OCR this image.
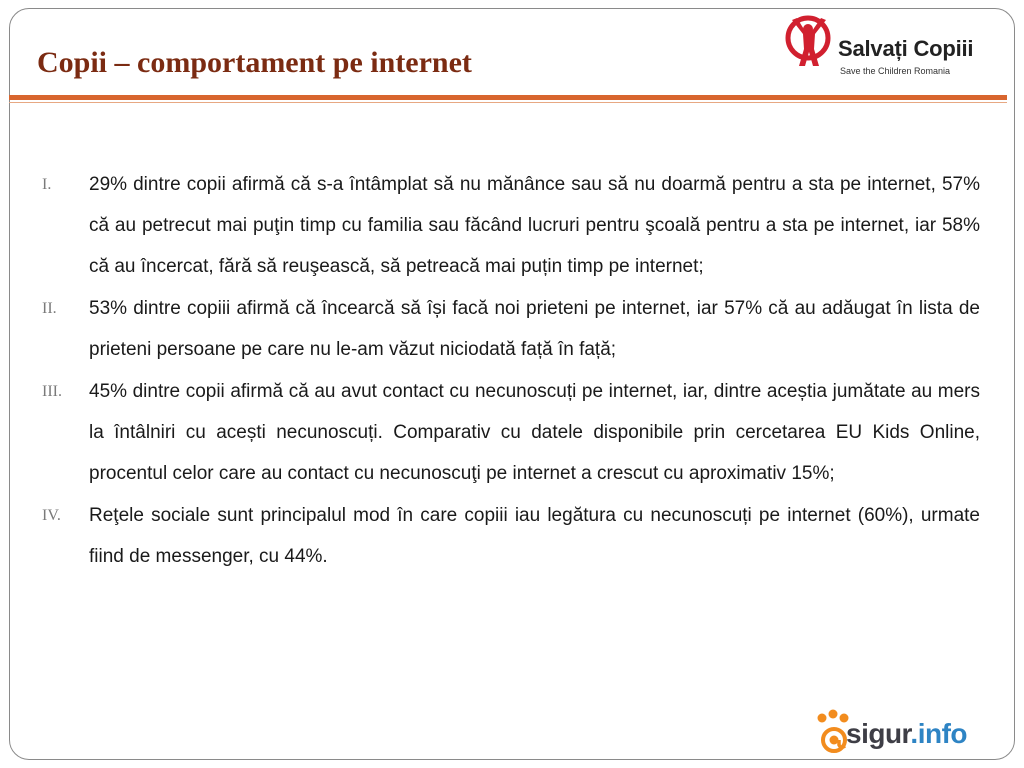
Copii – comportament pe internet	Salvați Copiii
Save the Children Romania
I. 29% dintre copii afirmă că s-a întâmplat să nu mănânce sau să nu doarmă pentru a sta pe internet, 57% că au petrecut mai puţin timp cu familia sau făcând lucruri pentru şcoală pentru a sta pe internet, iar 58% că au încercat, fără să reuşească, să petreacă mai puțin timp pe internet;
II. 53% dintre copiii afirmă că încearcă să își facă noi prieteni pe internet, iar 57% că au adăugat în lista de prieteni persoane pe care nu le-am văzut niciodată față în față;
III. 45% dintre copii afirmă că au avut contact cu necunoscuți pe internet, iar, dintre aceștia jumătate au mers la întâlniri cu acești necunoscuți. Comparativ cu datele disponibile prin cercetarea EU Kids Online, procentul celor care au contact cu necunoscuţi pe internet a crescut cu aproximativ 15%;
IV. Reţele sociale sunt principalul mod în care copiii iau legătura cu necunoscuți pe internet (60%), urmate fiind de messenger, cu 44%.
sigur.info
